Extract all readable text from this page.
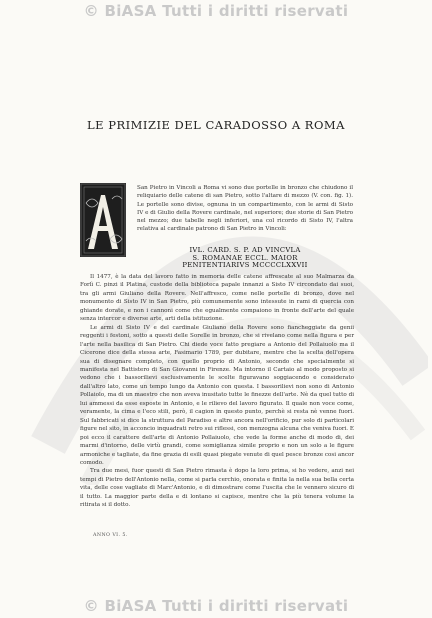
© BiASA Tutti i diritti riservati
LE PRIMIZIE DEL CARADOSSO A ROMA
San Pietro in Vincoli a Roma vi sono due portelle in bronzo che chiudono il reliquiario delle catene di san Pietro, sotto l'altare di mezzo (V. con. fig. 1). Le portelle sono divise, ognuna in un compartimento, con le armi di Sisto IV e di Giulio della Rovere cardinale, nel superiore; due storie di San Pietro nel mezzo; due tabelle negli inferiori, una col ricordo di Sisto IV, l'altra relativa al cardinale patrono di San Pietro in Vincoli:
IVL. CARD. S. P. AD VINCVLA
S. ROMANAE ECCL. MAIOR
PENITENTIARIVS MCCCCLXXVII

Il 1477, è la data del lavoro fatto in memoria delle catene affrescate al suo Malmarza da Forlì C. pinzi il Platina, custode della biblioteca papale innanzi a Sisto IV circondato dai suoi, tra gli armi Giuliano della Rovere. Nell'affresco, come nelle portelle di bronzo, dove nel monumento di Sisto IV in San Pietro, più comunemente sono intessute in rami di quercia con ghiande dorate, e non i cannoni come che egualmente compaiono in fronte dell'arte del quale senza intercor e diverse arte, arti della istituzione.

Le armi di Sisto IV e del cardinale Giuliano della Rovere sono fiancheggiate da genii reggenti i festoni, sotto a questi delle Sorelle in bronzo, che si rivelano come nella figura e per l'arte nella basilica di San Pietro. Chi diede voce fatto pregiare a Antonio del Pollaiuolo ma il Cicerone dice della stessa arte, Fasimario 1789, per dubitare, mentre che la scelta dell'opera sua di disegnare completo, con quello proprio di Antonio, secondo che specialmente si manifesta nel Battistero di San Giovanni in Firenze. Ma intorno il Cartaio al modo proposto si vedono che i bassorilievi esclusivamente le scelte figuravano soggiacendo e considerato dall'altro lato, come un tempo lungo da Antonio con questa. I bassorilievi non sono di Antonio Pollaiolo, ma di un maestro che non aveva inusitato tutte le finezze dell'arte. Nè da quel tutto di lui ammessi da esse esposte in Antonio, e le rilievo del lavoro figurato. Il quale non voce come, veramente, la cima e l'eco stili, però, il cagion in questo punto, perchè si resta nè venne fuori. Sul fabbricati si dice la struttura del Paradiso e altre ancora nell'orificio, pur solo di particolari figure nel sito, in acconcio inquadrati retro sui riflessi, con menzogna alcuna che veniva fuori. E poi ecco il carattere dell'arte di Antonio Pollaiuolo, che vede la forme anche di modo di, dei marmi d'intorno, delle virtù grandi, come somiglianza simile proprio e non un solo a le figure armoniche e tagliate, da fine grazia di esili quasi piegate venute di quel pesce bronze cosi ancor comodo.

Tra due mesi, fuor questi di San Pietro rimasta è dopo la loro prima, si ho vedere, anzi nei tempi di Pietro dell'Antonio nella, come si parla cerchio, onorata e finita la nella sua bella certa vita, delle cose vagliate di Marc'Antonio, e di dimostrare come l'uscita che le vennero sicuro di il tutto. La maggior parte della e di lontano si capisce, mentre che la più tenera volume la ritirata si il dotto.

ANNO VI. 5.
© BiASA Tutti i diritti riservati
